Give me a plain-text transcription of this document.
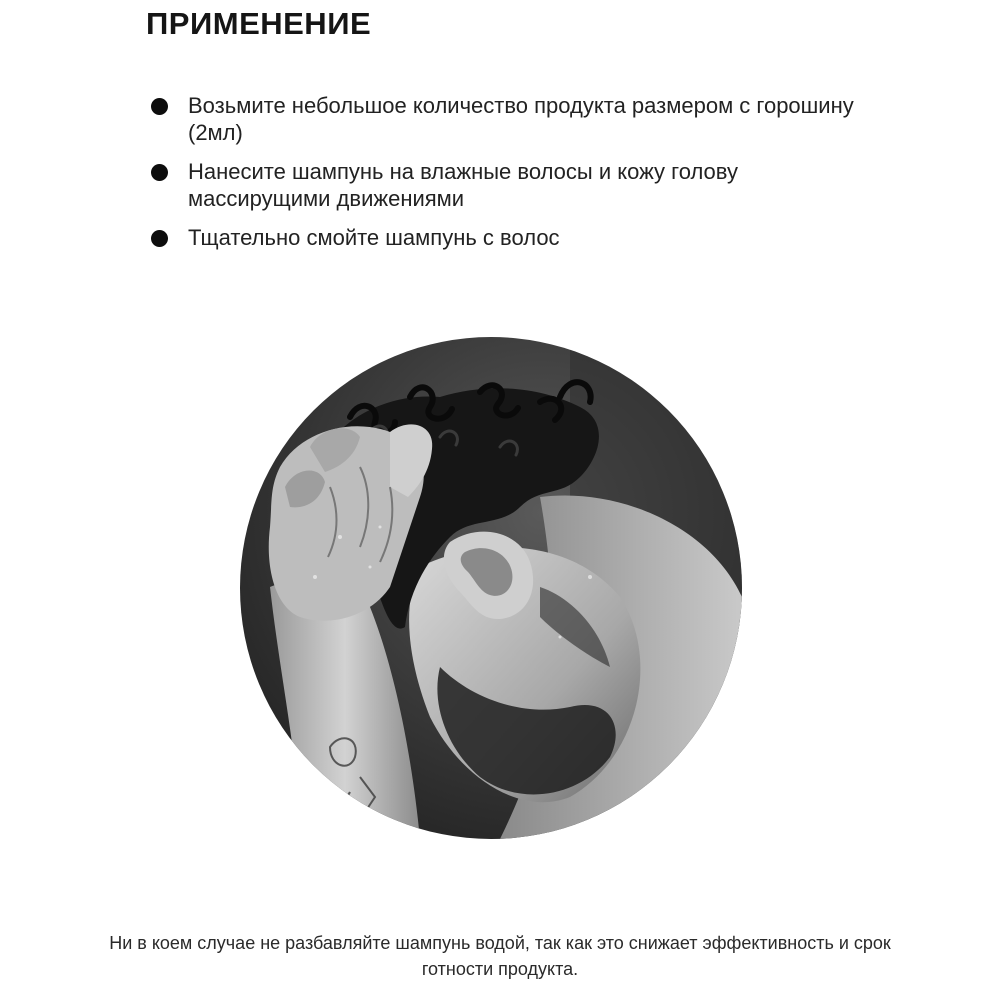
ПРИМЕНЕНИЕ
Возьмите небольшое количество продукта размером с горошину (2мл)
Нанесите шампунь на влажные волосы и кожу голову массирущими движениями
Тщательно смойте шампунь с волос

Ни в коем случае не разбавляйте шампунь водой, так как это снижает эффективность и срок готности продукта.
